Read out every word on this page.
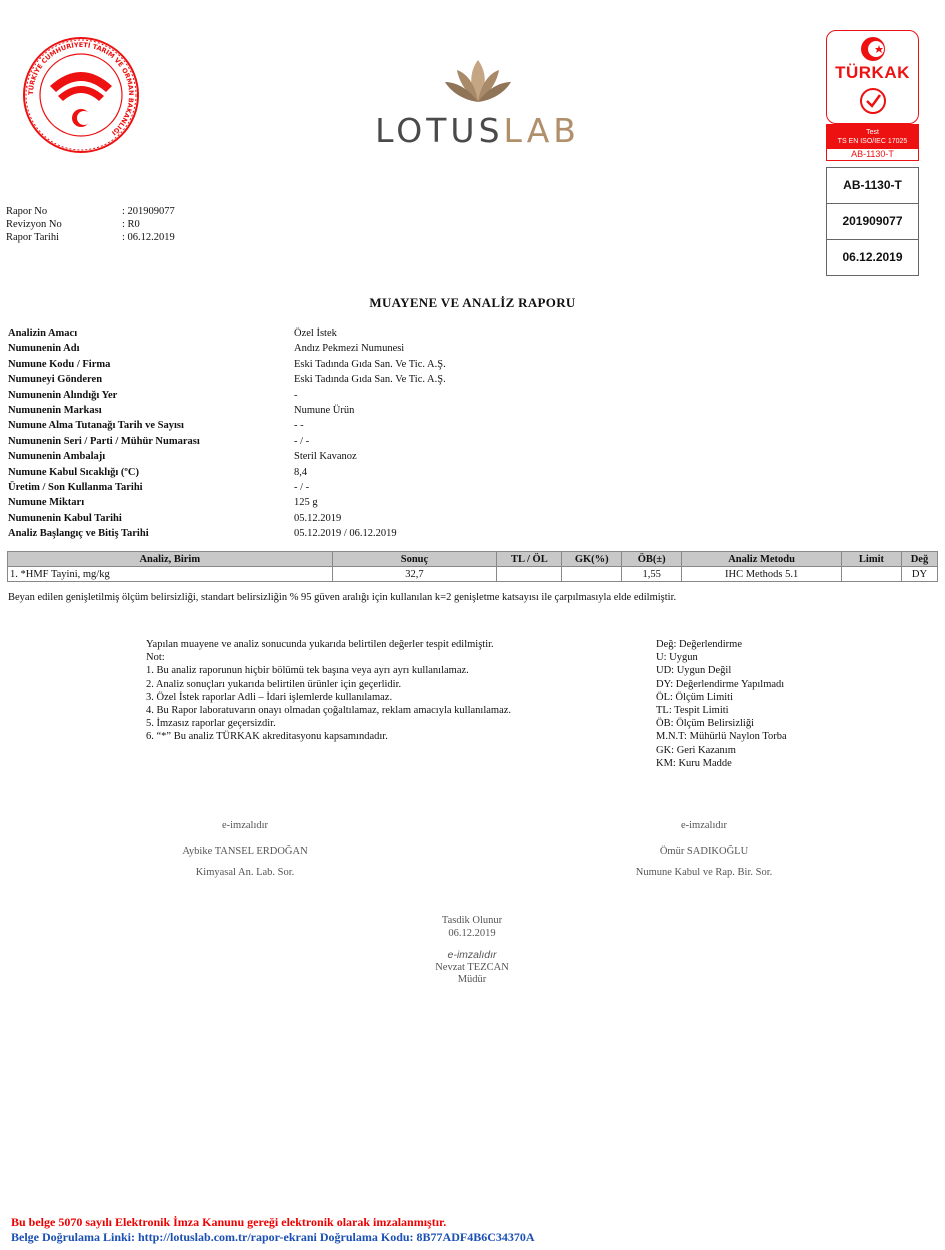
TÜRKİYE CUMHURİYETİ TARIM VE ORMAN BAKANLIĞI	LOTUSLAB
TÜRKAK
Test
TS EN ISO/IEC 17025
AB-1130-T
AB-1130-T
201909077
06.12.2019
Rapor No	: 201909077
Revizyon No	: R0
Rapor Tarihi	: 06.12.2019
MUAYENE VE ANALİZ RAPORU
Analizin Amacı	Özel İstek
Numunenin Adı	Andız Pekmezi Numunesi
Numune Kodu / Firma	Eski Tadında Gıda San. Ve Tic. A.Ş.
Numuneyi Gönderen	Eski Tadında Gıda San. Ve Tic. A.Ş.
Numunenin Alındığı Yer	-
Numunenin Markası	Numune Ürün
Numune Alma Tutanağı Tarih ve Sayısı	- -
Numunenin Seri / Parti / Mühür Numarası	- / -
Numunenin Ambalajı	Steril Kavanoz
Numune Kabul Sıcaklığı (ºC)	8,4
Üretim / Son Kullanma Tarihi	- / -
Numune Miktarı	125 g
Numunenin Kabul Tarihi	05.12.2019
Analiz Başlangıç ve Bitiş Tarihi	05.12.2019 / 06.12.2019
Analiz, Birim	Sonuç	TL / ÖL	GK(%)	ÖB(±)	Analiz Metodu	Limit	Değ
1. *HMF Tayini, mg/kg	32,7			1,55	IHC Methods 5.1		DY
Beyan edilen genişletilmiş ölçüm belirsizliği, standart belirsizliğin % 95 güven aralığı için kullanılan k=2 genişletme katsayısı ile çarpılmasıyla elde edilmiştir.
Yapılan muayene ve analiz sonucunda yukarıda belirtilen değerler tespit edilmiştir.
Not:
1. Bu analiz raporunun hiçbir bölümü tek başına veya ayrı ayrı kullanılamaz.
2. Analiz sonuçları yukarıda belirtilen ürünler için geçerlidir.
3. Özel İstek raporlar Adli – İdari işlemlerde kullanılamaz.
4. Bu Rapor laboratuvarın onayı olmadan çoğaltılamaz, reklam amacıyla kullanılamaz.
5. İmzasız raporlar geçersizdir.
6. “*” Bu analiz TÜRKAK akreditasyonu kapsamındadır.
Değ: Değerlendirme
U: Uygun
UD: Uygun Değil
DY: Değerlendirme Yapılmadı
ÖL: Ölçüm Limiti
TL: Tespit Limiti
ÖB: Ölçüm Belirsizliği
M.N.T: Mühürlü Naylon Torba
GK: Geri Kazanım
KM: Kuru Madde
e-imzalıdır
Aybike TANSEL ERDOĞAN
Kimyasal An. Lab. Sor.
e-imzalıdır
Ömür SADIKOĞLU
Numune Kabul ve Rap. Bir. Sor.
Tasdik Olunur
06.12.2019
e-imzalıdır
Nevzat TEZCAN
Müdür
Bu belge 5070 sayılı Elektronik İmza Kanunu gereği elektronik olarak imzalanmıştır.
Belge Doğrulama Linki: http://lotuslab.com.tr/rapor-ekrani Doğrulama Kodu: 8B77ADF4B6C34370A
